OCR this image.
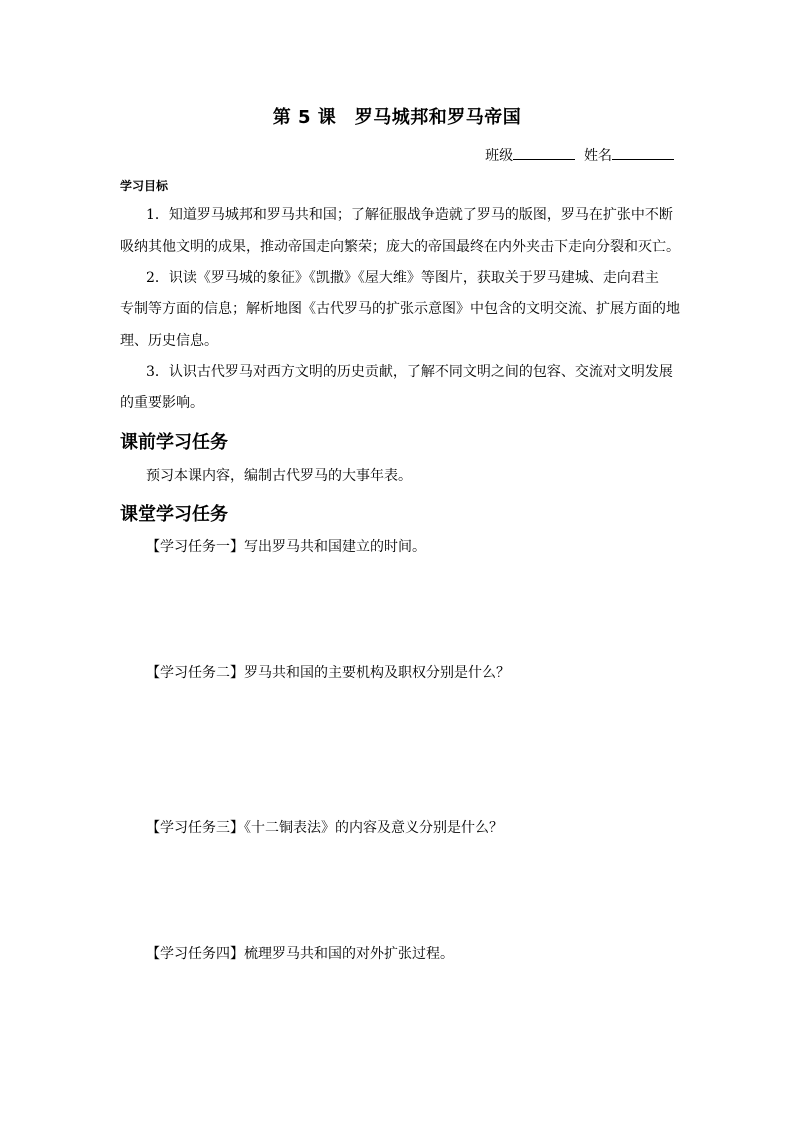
第 5 课　罗马城邦和罗马帝国
班级	姓名
学习目标
1．知道罗马城邦和罗马共和国；了解征服战争造就了罗马的版图，罗马在扩张中不断
吸纳其他文明的成果，推动帝国走向繁荣；庞大的帝国最终在内外夹击下走向分裂和灭亡。
2．识读《罗马城的象征》《凯撒》《屋大维》等图片，获取关于罗马建城、走向君主
专制等方面的信息；解析地图《古代罗马的扩张示意图》中包含的文明交流、扩展方面的地
理、历史信息。
3．认识古代罗马对西方文明的历史贡献，了解不同文明之间的包容、交流对文明发展
的重要影响。
课前学习任务
预习本课内容，编制古代罗马的大事年表。
课堂学习任务
【学习任务一】写出罗马共和国建立的时间。
【学习任务二】罗马共和国的主要机构及职权分别是什么？
【学习任务三】《十二铜表法》的内容及意义分别是什么？
【学习任务四】梳理罗马共和国的对外扩张过程。
